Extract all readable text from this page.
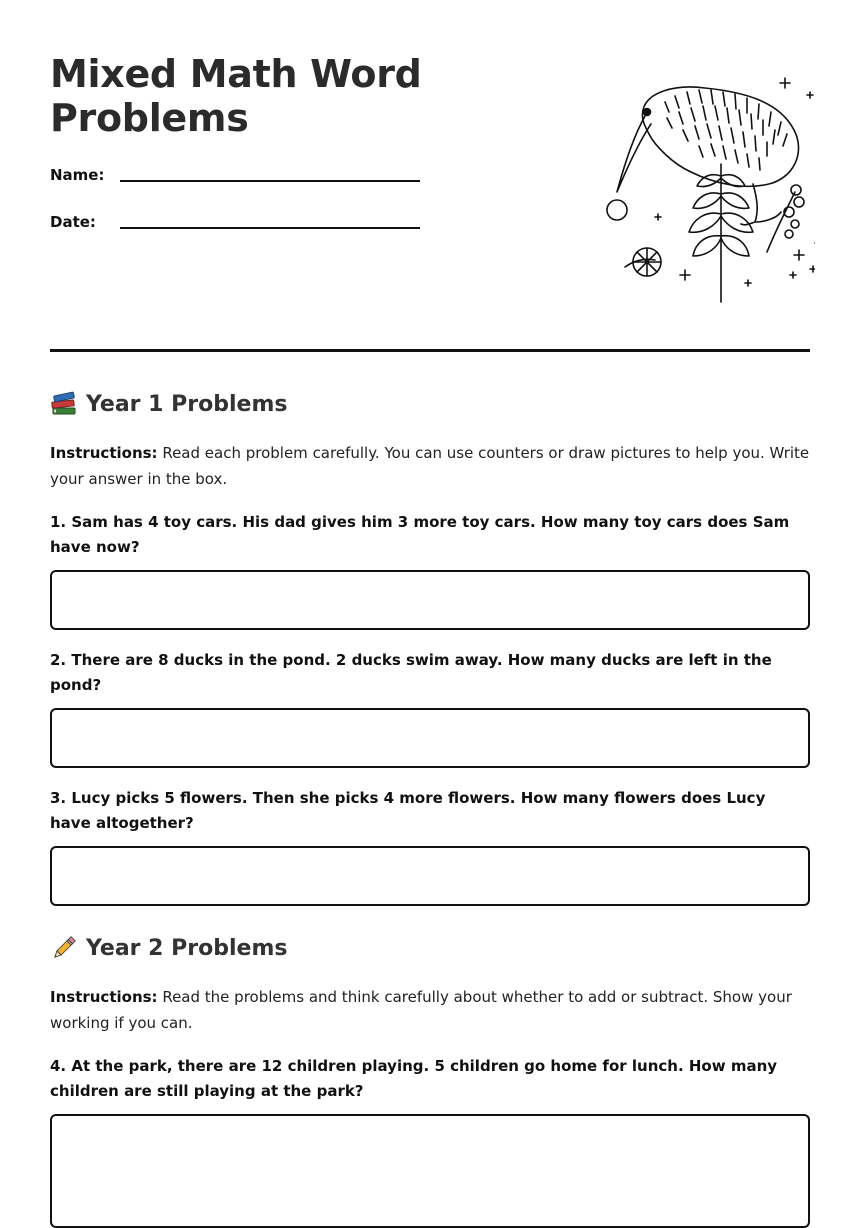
Mixed Math Word Problems
Name:
Date:
Year 1 Problems

Instructions: Read each problem carefully. You can use counters or draw pictures to help you. Write your answer in the box.

1. Sam has 4 toy cars. His dad gives him 3 more toy cars. How many toy cars does Sam have now?

2. There are 8 ducks in the pond. 2 ducks swim away. How many ducks are left in the pond?

3. Lucy picks 5 flowers. Then she picks 4 more flowers. How many flowers does Lucy have altogether?

Year 2 Problems

Instructions: Read the problems and think carefully about whether to add or subtract. Show your working if you can.

4. At the park, there are 12 children playing. 5 children go home for lunch. How many children are still playing at the park?
